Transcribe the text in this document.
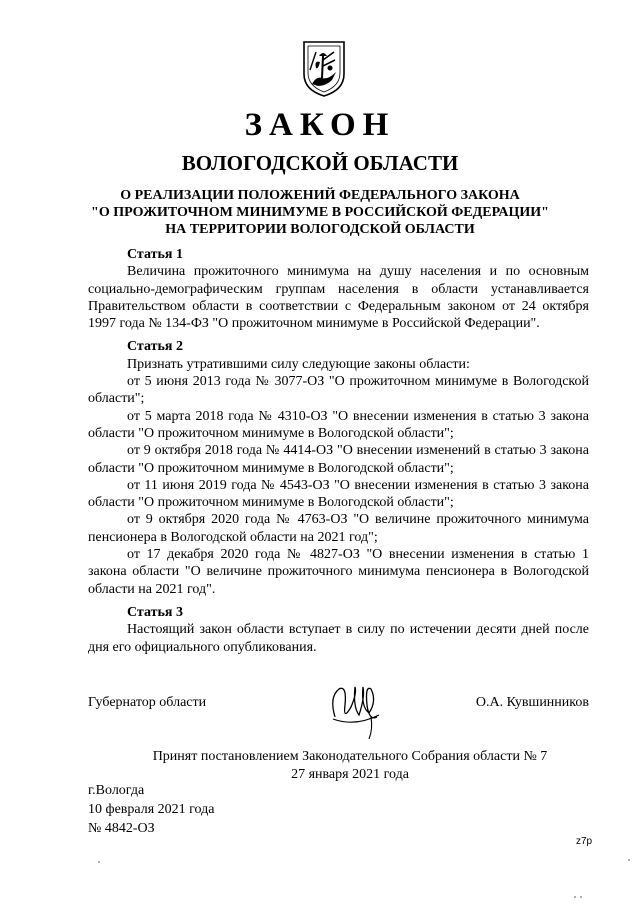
ЗАКОН
ВОЛОГОДСКОЙ ОБЛАСТИ
О РЕАЛИЗАЦИИ ПОЛОЖЕНИЙ ФЕДЕРАЛЬНОГО ЗАКОНА
"О ПРОЖИТОЧНОМ МИНИМУМЕ В РОССИЙСКОЙ ФЕДЕРАЦИИ"
НА ТЕРРИТОРИИ ВОЛОГОДСКОЙ ОБЛАСТИ
Статья 1
Величина прожиточного минимума на душу населения и по основным социально-демографическим группам населения в области устанавливается Правительством области в соответствии с Федеральным законом от 24 октября 1997 года № 134-ФЗ "О прожиточном минимуме в Российской Федерации".
Статья 2
Признать утратившими силу следующие законы области:
от 5 июня 2013 года № 3077-ОЗ "О прожиточном минимуме в Вологодской области";
от 5 марта 2018 года № 4310-ОЗ "О внесении изменения в статью 3 закона области "О прожиточном минимуме в Вологодской области";
от 9 октября 2018 года № 4414-ОЗ "О внесении изменений в статью 3 закона области "О прожиточном минимуме в Вологодской области";
от 11 июня 2019 года № 4543-ОЗ "О внесении изменения в статью 3 закона области "О прожиточном минимуме в Вологодской области";
от 9 октября 2020 года № 4763-ОЗ "О величине прожиточного минимума пенсионера в Вологодской области на 2021 год";
от 17 декабря 2020 года № 4827-ОЗ "О внесении изменения в статью 1 закона области "О величине прожиточного минимума пенсионера в Вологодской области на 2021 год".
Статья 3
Настоящий закон области вступает в силу по истечении десяти дней после дня его официального опубликования.
Губернатор области	О.А. Кувшинников
Принят постановлением Законодательного Собрания области № 7
27 января 2021 года
г.Вологда
10 февраля 2021 года
№ 4842-ОЗ
z7p
